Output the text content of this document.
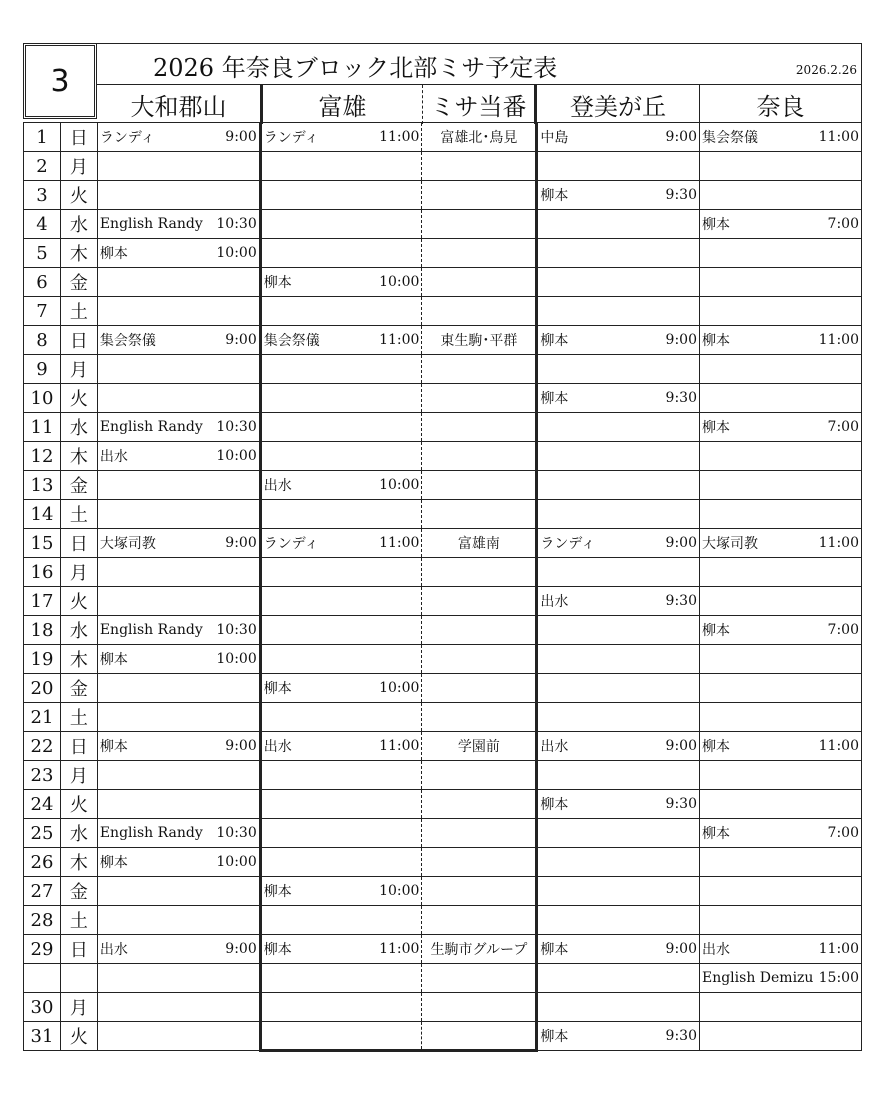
3	2026 年奈良ブロック北部ミサ予定表	2026.2.26
大和郡山	富雄	ミサ当番	登美が丘	奈良
1	日	ランディ 9:00	ランディ 11:00	富雄北･鳥見	中島 9:00	集会祭儀 11:00

2	月	

3	火				柳本 9:30	

4	水	English Randy 10:30				柳本 7:00

5	木	柳本 10:00				

6	金		柳本 10:00			

7	土	

8	日	集会祭儀 9:00	集会祭儀 11:00	東生駒･平群	柳本 9:00	柳本 11:00

9	月	

10	火				柳本 9:30	

11	水	English Randy 10:30				柳本 7:00

12	木	出水 10:00				

13	金		出水 10:00			

14	土	

15	日	大塚司教 9:00	ランディ 11:00	富雄南	ランディ 9:00	大塚司教 11:00

16	月	

17	火				出水 9:30	

18	水	English Randy 10:30				柳本 7:00

19	木	柳本 10:00				

20	金		柳本 10:00			

21	土	

22	日	柳本 9:00	出水 11:00	学園前	出水 9:00	柳本 11:00

23	月	

24	火				柳本 9:30	

25	水	English Randy 10:30				柳本 7:00

26	木	柳本 10:00				

27	金		柳本 10:00			

28	土	

29	日	出水 9:00	柳本 11:00	生駒市グループ	柳本 9:00	出水 11:00

						English Demizu 15:00

30	月	

31	火				柳本 9:30	
